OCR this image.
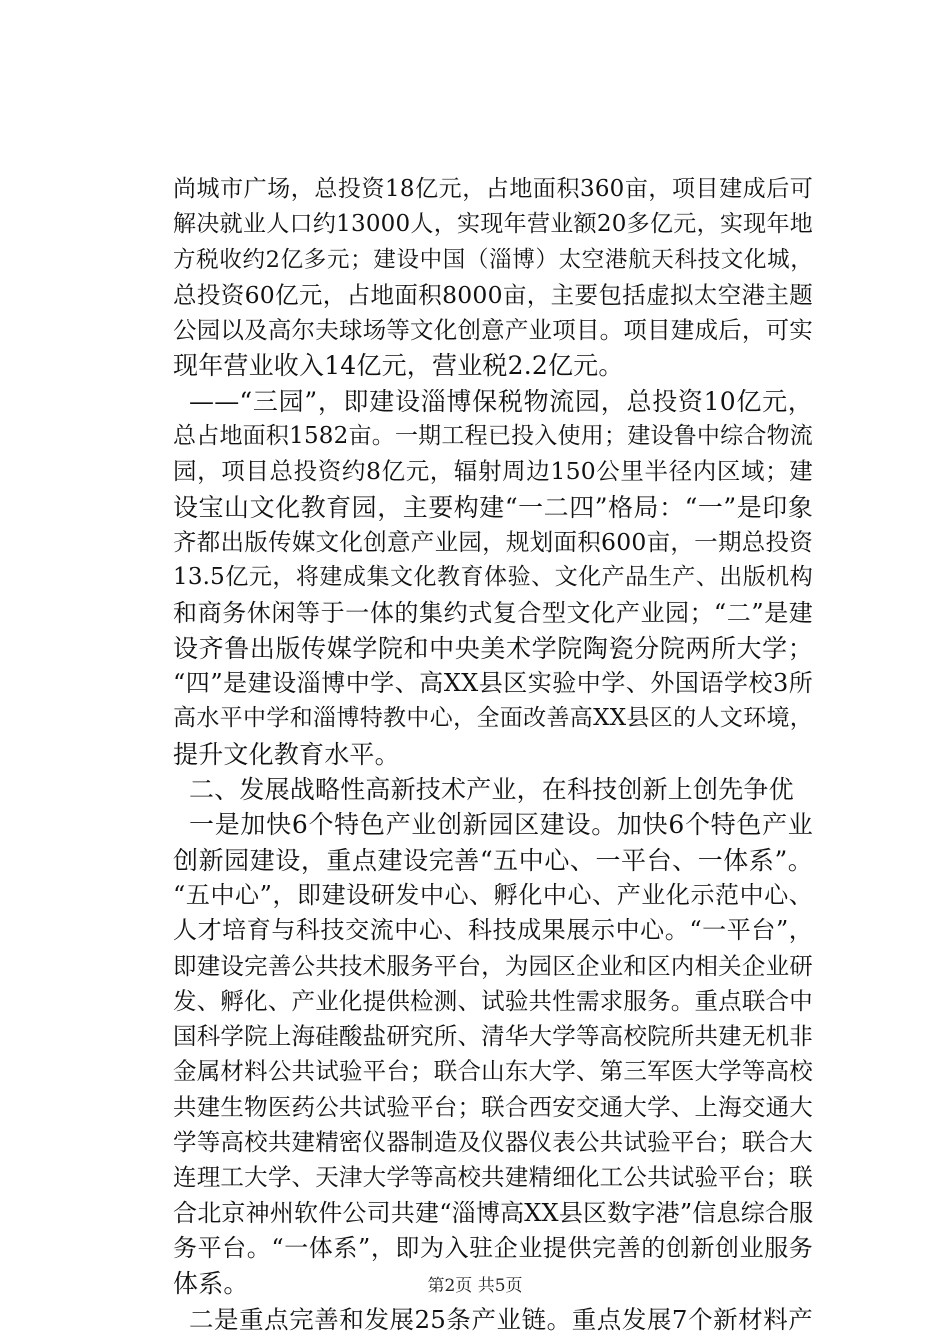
尚城市广场，总投资18亿元，占地面积360亩，项目建成后可
解决就业人口约13000人，实现年营业额20多亿元，实现年地
方税收约2亿多元；建设中国（淄博）太空港航天科技文化城，
总投资60亿元，占地面积8000亩，主要包括虚拟太空港主题
公园以及高尔夫球场等文化创意产业项目。项目建成后，可实
现年营业收入14亿元，营业税2.2亿元。
——“三园”，即建设淄博保税物流园，总投资10亿元，
总占地面积1582亩。一期工程已投入使用；建设鲁中综合物流
园，项目总投资约8亿元，辐射周边150公里半径内区域；建
设宝山文化教育园，主要构建“一二四”格局：“一”是印象
齐都出版传媒文化创意产业园，规划面积600亩，一期总投资
13.5亿元，将建成集文化教育体验、文化产品生产、出版机构
和商务休闲等于一体的集约式复合型文化产业园；“二”是建
设齐鲁出版传媒学院和中央美术学院陶瓷分院两所大学；
“四”是建设淄博中学、高XX县区实验中学、外国语学校3所
高水平中学和淄博特教中心，全面改善高XX县区的人文环境，
提升文化教育水平。
二、发展战略性高新技术产业，在科技创新上创先争优
一是加快6个特色产业创新园区建设。加快6个特色产业
创新园建设，重点建设完善“五中心、一平台、一体系”。
“五中心”，即建设研发中心、孵化中心、产业化示范中心、
人才培育与科技交流中心、科技成果展示中心。“一平台”，
即建设完善公共技术服务平台，为园区企业和区内相关企业研
发、孵化、产业化提供检测、试验共性需求服务。重点联合中
国科学院上海硅酸盐研究所、清华大学等高校院所共建无机非
金属材料公共试验平台；联合山东大学、第三军医大学等高校
共建生物医药公共试验平台；联合西安交通大学、上海交通大
学等高校共建精密仪器制造及仪器仪表公共试验平台；联合大
连理工大学、天津大学等高校共建精细化工公共试验平台；联
合北京神州软件公司共建“淄博高XX县区数字港”信息综合服
务平台。“一体系”，即为入驻企业提供完善的创新创业服务
体系。
二是重点完善和发展25条产业链。重点发展7个新材料产
第2页 共5页
